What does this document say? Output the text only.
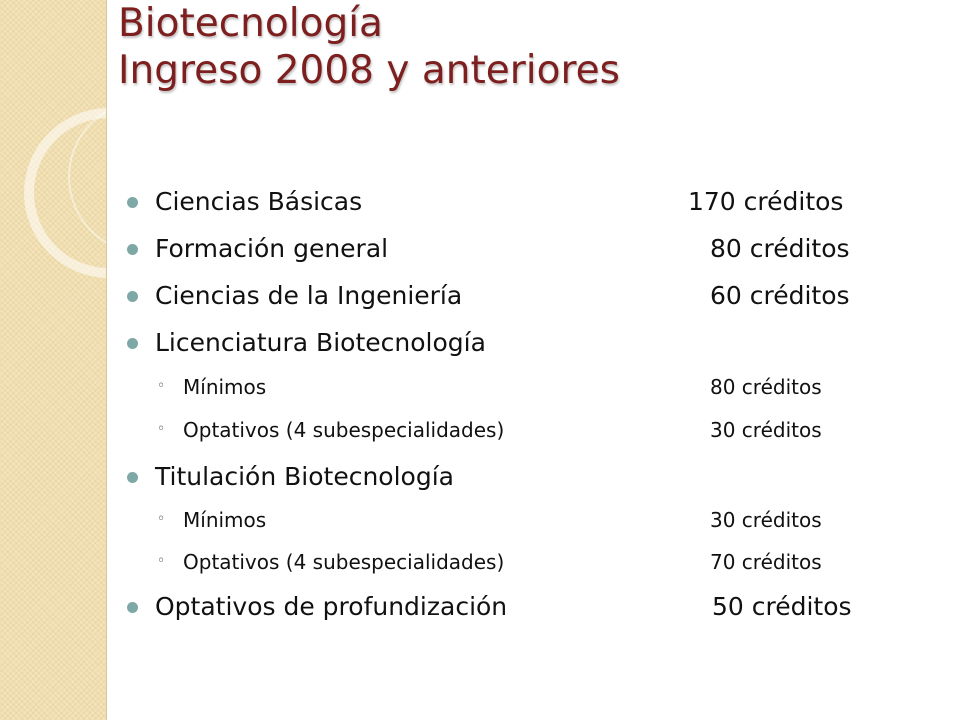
Biotecnología
Ingreso 2008 y anteriores
Ciencias Básicas	170 créditos
Formación general	80 créditos
Ciencias de la Ingeniería	60 créditos
Licenciatura Biotecnología
◦ Mínimos	80 créditos
◦ Optativos (4 subespecialidades)	30 créditos
Titulación Biotecnología
◦ Mínimos	30 créditos
◦ Optativos (4 subespecialidades)	70 créditos
Optativos de profundización	50 créditos
